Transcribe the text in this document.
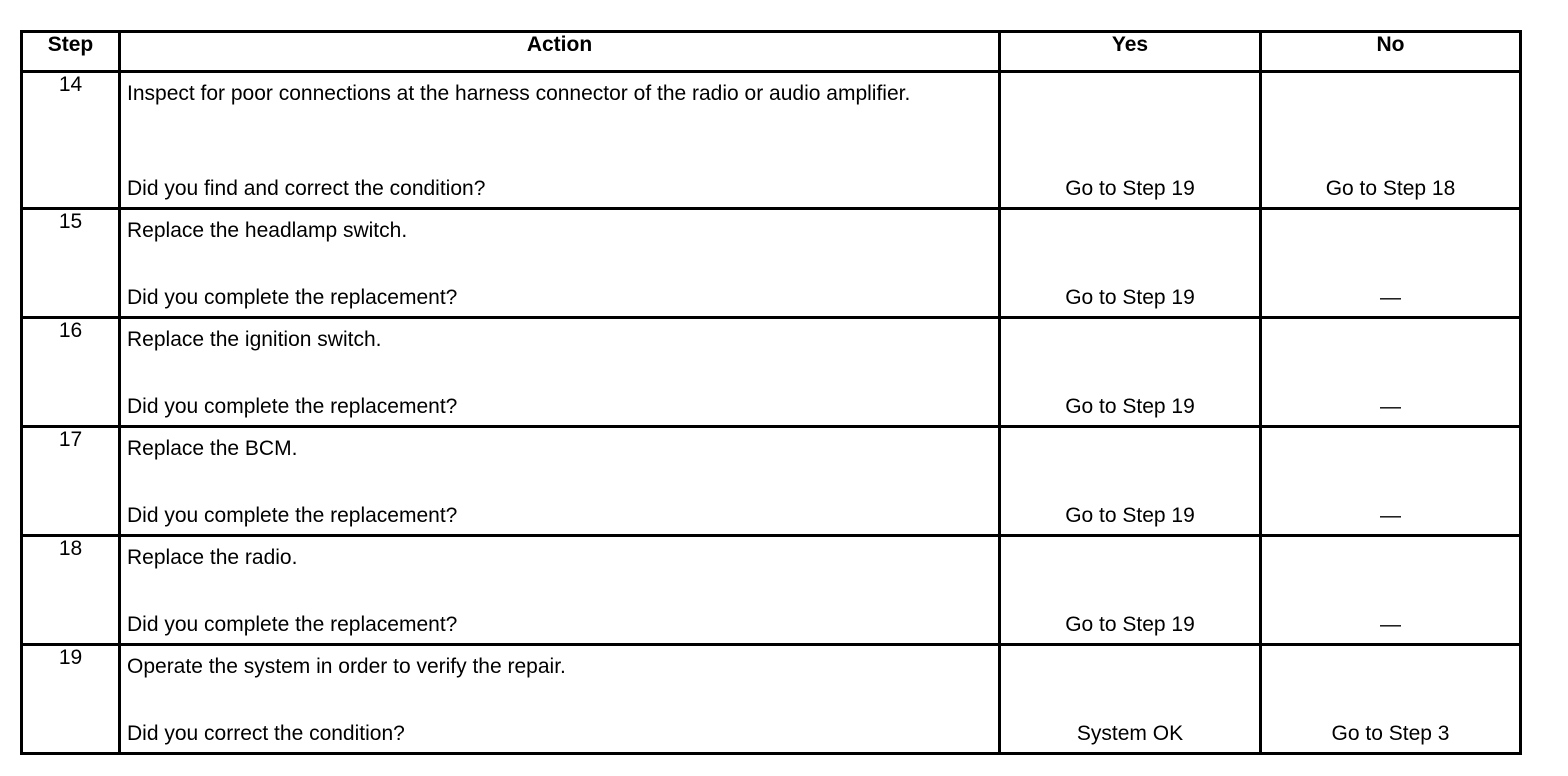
Step	Action	Yes	No
14	Inspect for poor connections at the harness connector of the radio or audio amplifier.
Did you find and correct the condition?	Go to Step 19	Go to Step 18

15	Replace the headlamp switch.
Did you complete the replacement?	Go to Step 19	—

16	Replace the ignition switch.
Did you complete the replacement?	Go to Step 19	—

17	Replace the BCM.
Did you complete the replacement?	Go to Step 19	—

18	Replace the radio.
Did you complete the replacement?	Go to Step 19	—

19	Operate the system in order to verify the repair.
Did you correct the condition?	System OK	Go to Step 3
